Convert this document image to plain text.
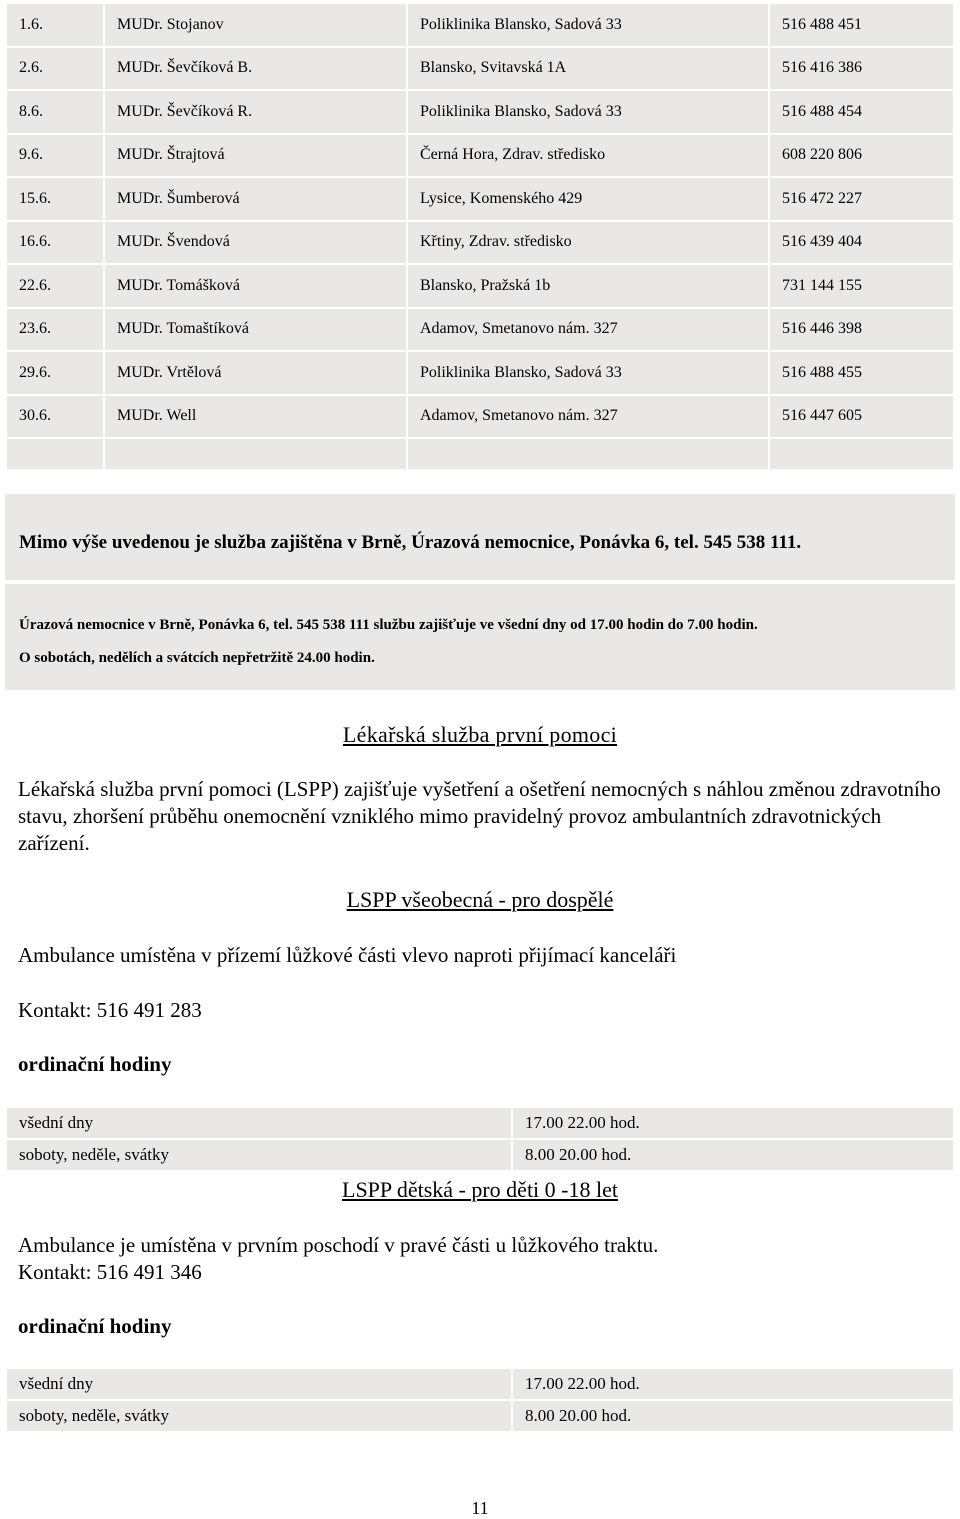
1.6.	MUDr. Stojanov	Poliklinika Blansko, Sadová 33	516 488 451
2.6.	MUDr. Ševčíková B.	Blansko, Svitavská 1A	516 416 386
8.6.	MUDr. Ševčíková R.	Poliklinika Blansko, Sadová 33	516 488 454
9.6.	MUDr. Štrajtová	Černá Hora, Zdrav. středisko	608 220 806
15.6.	MUDr. Šumberová	Lysice, Komenského 429	516 472 227
16.6.	MUDr. Švendová	Křtiny, Zdrav. středisko	516 439 404
22.6.	MUDr. Tomášková	Blansko, Pražská 1b	731 144 155
23.6.	MUDr. Tomaštíková	Adamov, Smetanovo nám. 327	516 446 398
29.6.	MUDr. Vrtělová	Poliklinika Blansko, Sadová 33	516 488 455
30.6.	MUDr. Well	Adamov, Smetanovo nám. 327	516 447 605

Mimo výše uvedenou je služba zajištěna v Brně, Úrazová nemocnice, Ponávka 6, tel. 545 538 111.
Úrazová nemocnice v Brně, Ponávka 6, tel. 545 538 111 službu zajišťuje ve všední dny od 17.00 hodin do 7.00 hodin.
O sobotách, nedělích a svátcích nepřetržitě 24.00 hodin.
Lékařská služba první pomoci
Lékařská služba první pomoci (LSPP) zajišťuje vyšetření a ošetření nemocných s náhlou změnou zdravotního stavu, zhoršení průběhu onemocnění vzniklého mimo pravidelný provoz ambulantních zdravotnických zařízení.
LSPP všeobecná - pro dospělé
Ambulance umístěna v přízemí lůžkové části vlevo naproti přijímací kanceláři
Kontakt: 516 491 283
ordinační hodiny
všední dny	17.00 22.00 hod.
soboty, neděle, svátky	8.00 20.00 hod.
LSPP dětská - pro děti 0 -18 let
Ambulance je umístěna v prvním poschodí v pravé části u lůžkového traktu.
Kontakt: 516 491 346
ordinační hodiny
všední dny	17.00 22.00 hod.
soboty, neděle, svátky	8.00 20.00 hod.
11
